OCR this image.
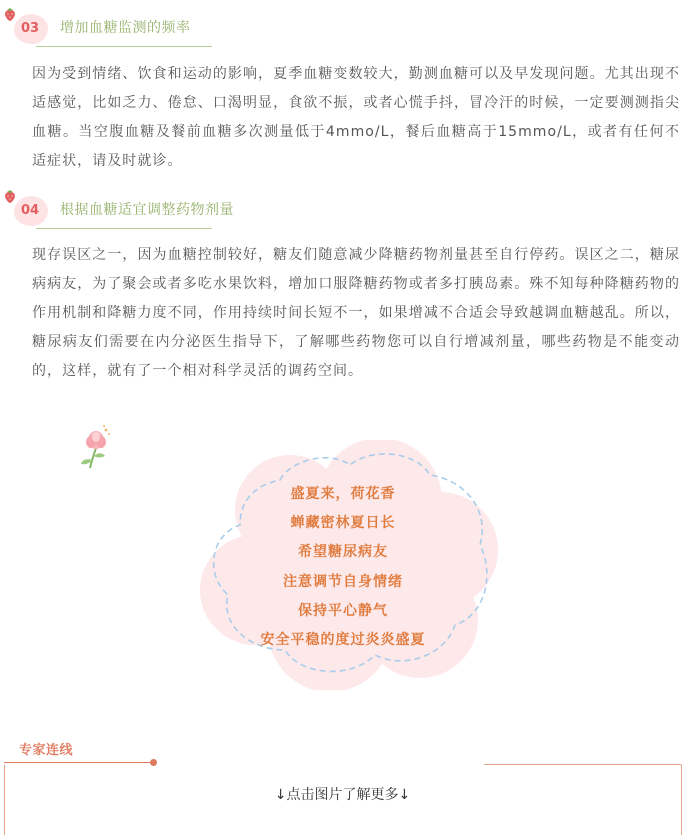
03 增加血糖监测的频率

因为受到情绪、饮食和运动的影响，夏季血糖变数较大，勤测血糖可以及早发现问题。尤其出现不适感觉，比如乏力、倦怠、口渴明显，食欲不振，或者心慌手抖，冒冷汗的时候，一定要测测指尖血糖。当空腹血糖及餐前血糖多次测量低于4mmo/L，餐后血糖高于15mmo/L，或者有任何不适症状，请及时就诊。

04 根据血糖适宜调整药物剂量

现存误区之一，因为血糖控制较好，糖友们随意减少降糖药物剂量甚至自行停药。误区之二，糖尿病病友，为了聚会或者多吃水果饮料，增加口服降糖药物或者多打胰岛素。殊不知每种降糖药物的作用机制和降糖力度不同，作用持续时间长短不一，如果增减不合适会导致越调血糖越乱。所以，糖尿病友们需要在内分泌医生指导下，了解哪些药物您可以自行增减剂量，哪些药物是不能变动的，这样，就有了一个相对科学灵活的调药空间。

盛夏来，荷花香
蝉藏密林夏日长
希望糖尿病友
注意调节自身情绪
保持平心静气
安全平稳的度过炎炎盛夏
专家连线
↓点击图片了解更多↓
